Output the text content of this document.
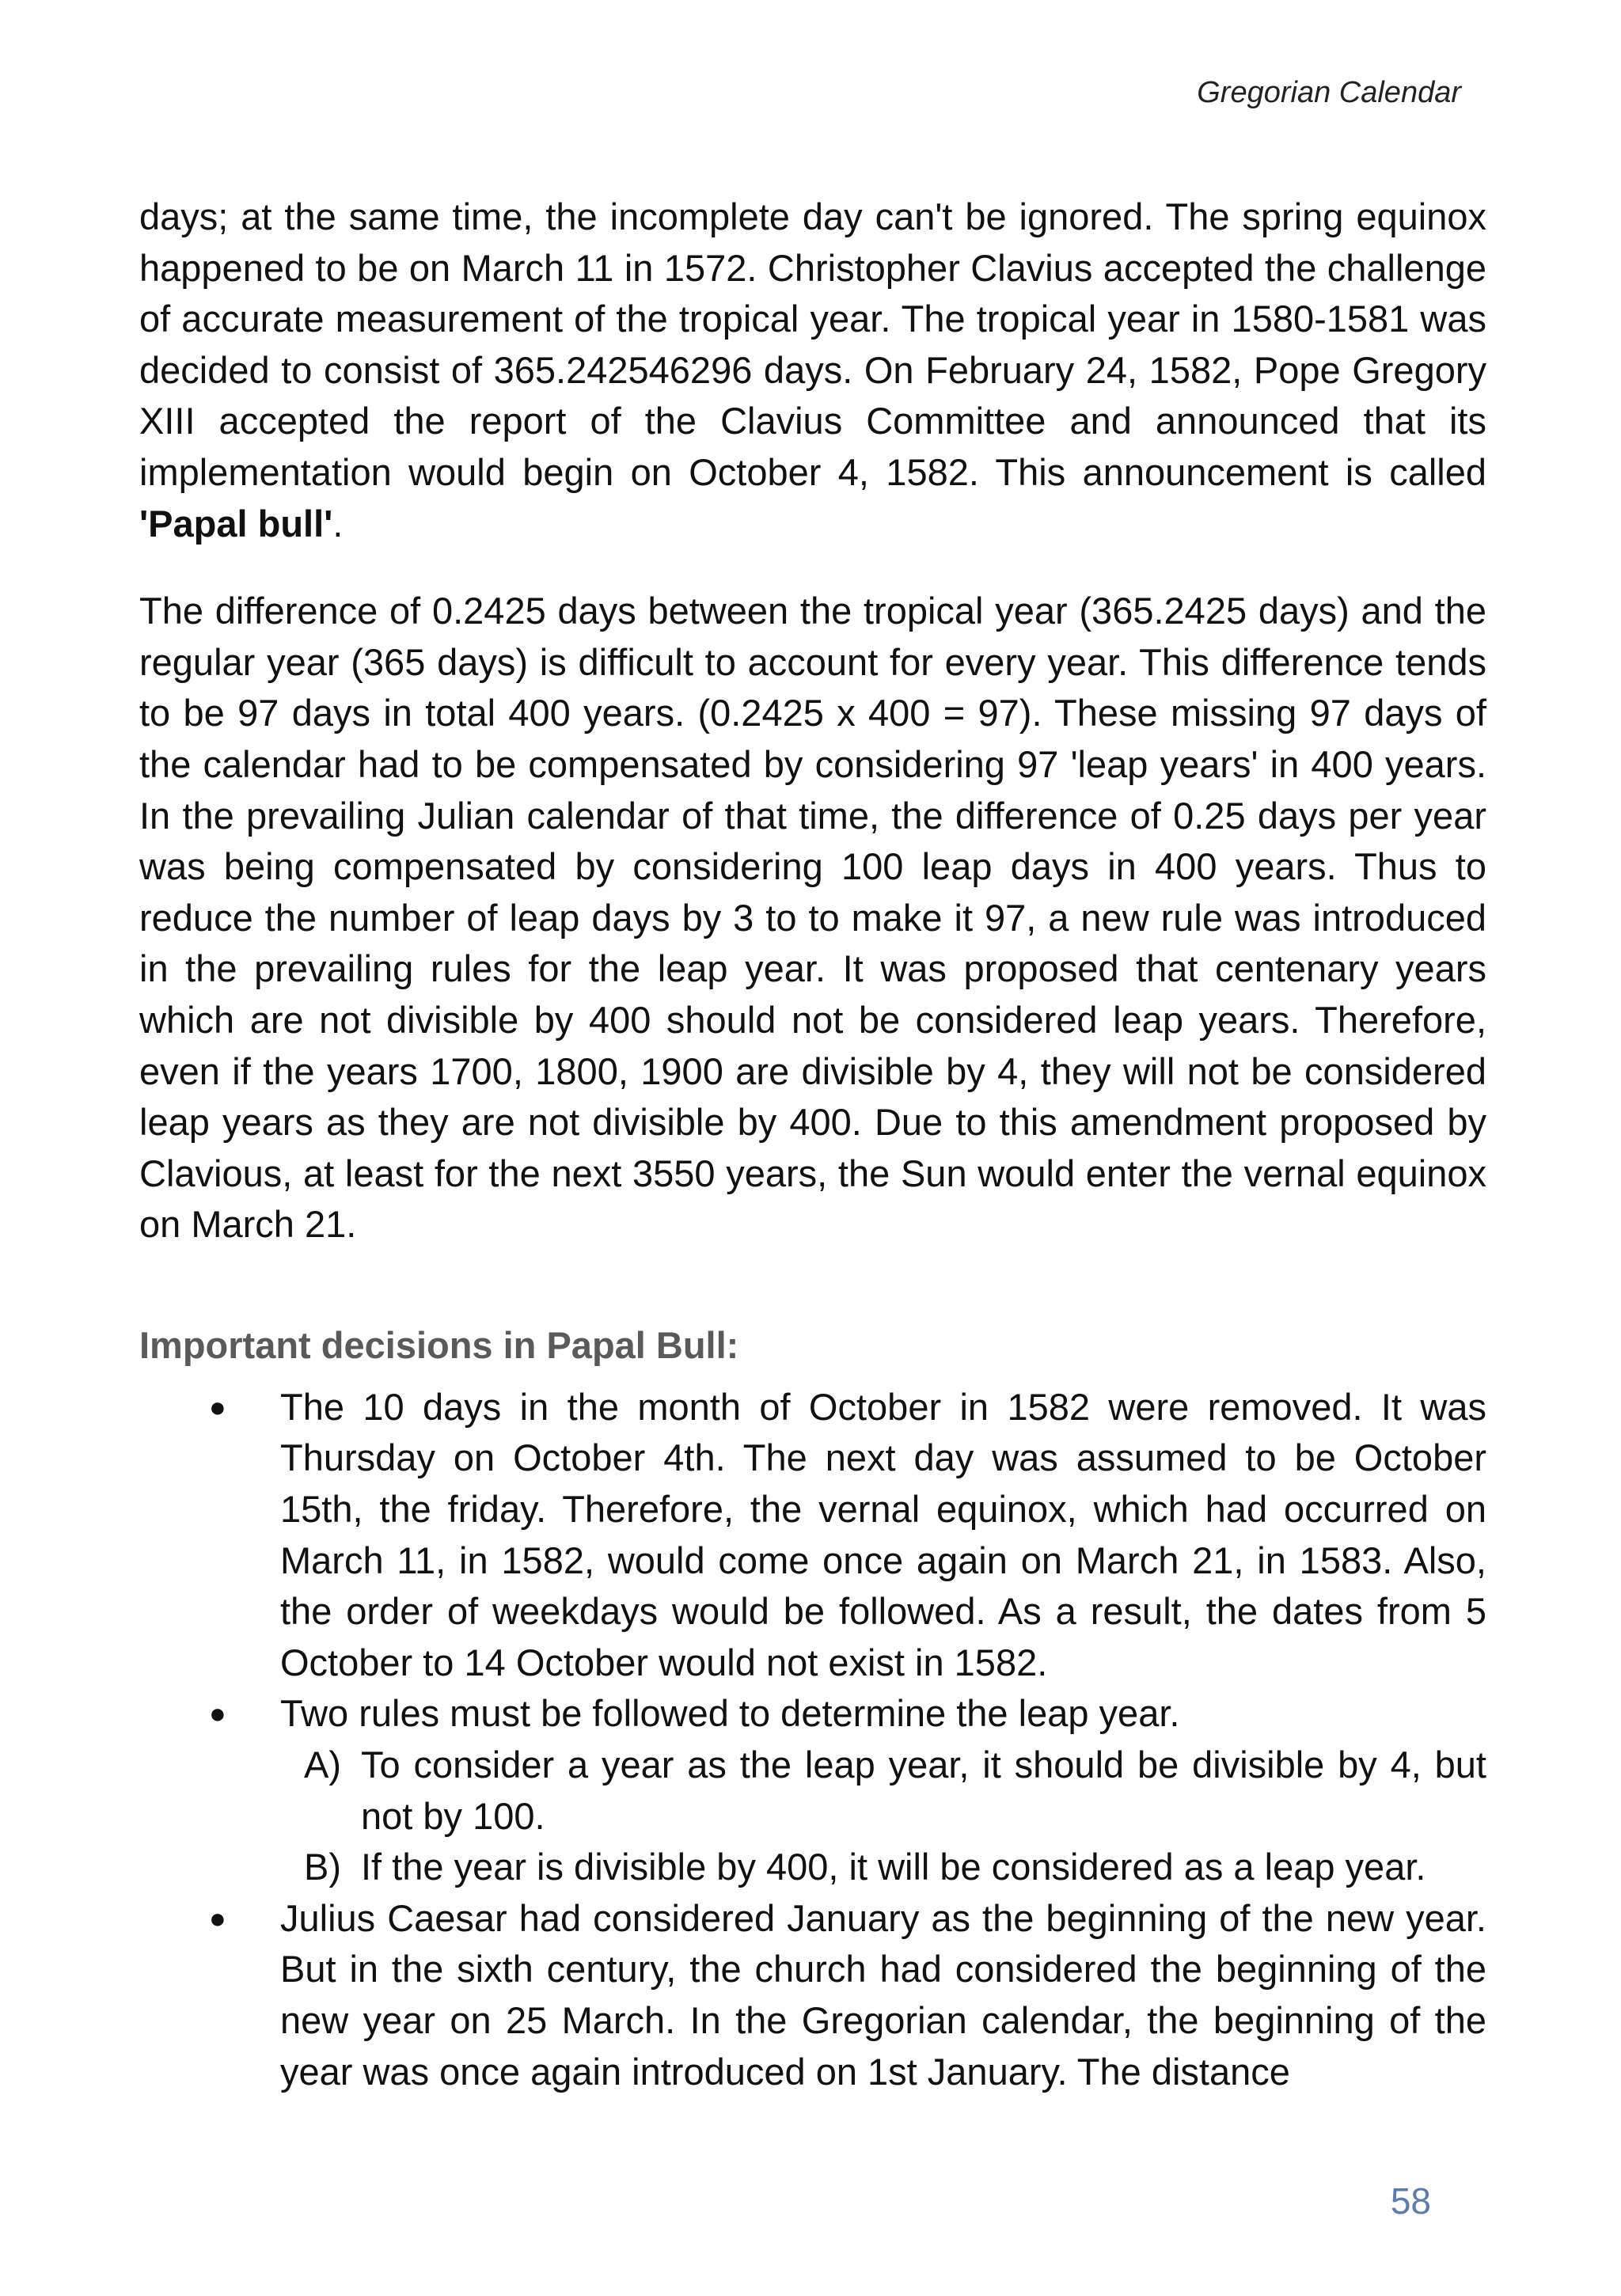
Gregorian Calendar

days; at the same time, the incomplete day can't be ignored. The spring equinox happened to be on March 11 in 1572. Christopher Clavius accepted the challenge of accurate measurement of the tropical year. The tropical year in 1580-1581 was decided to consist of 365.242546296 days. On February 24, 1582, Pope Gregory XIII accepted the report of the Clavius Committee and announced that its implementation would begin on October 4, 1582. This announcement is called 'Papal bull'.

The difference of 0.2425 days between the tropical year (365.2425 days) and the regular year (365 days) is difficult to account for every year. This difference tends to be 97 days in total 400 years. (0.2425 x 400 = 97). These missing 97 days of the calendar had to be compensated by considering 97 'leap years' in 400 years. In the prevailing Julian calendar of that time, the difference of 0.25 days per year was being compensated by considering 100 leap days in 400 years. Thus to reduce the number of leap days by 3 to to make it 97, a new rule was introduced in the prevailing rules for the leap year. It was proposed that centenary years which are not divisible by 400 should not be considered leap years. Therefore, even if the years 1700, 1800, 1900 are divisible by 4, they will not be considered leap years as they are not divisible by 400. Due to this amendment proposed by Clavious, at least for the next 3550 years, the Sun would enter the vernal equinox on March 21.

Important decisions in Papal Bull:
● The 10 days in the month of October in 1582 were removed. It was Thursday on October 4th. The next day was assumed to be October 15th, the friday. Therefore, the vernal equinox, which had occurred on March 11, in 1582, would come once again on March 21, in 1583. Also, the order of weekdays would be followed. As a result, the dates from 5 October to 14 October would not exist in 1582.
● Two rules must be followed to determine the leap year.
A) To consider a year as the leap year, it should be divisible by 4, but not by 100.
B) If the year is divisible by 400, it will be considered as a leap year.
● Julius Caesar had considered January as the beginning of the new year. But in the sixth century, the church had considered the beginning of the new year on 25 March. In the Gregorian calendar, the beginning of the year was once again introduced on 1st January. The distance
58
